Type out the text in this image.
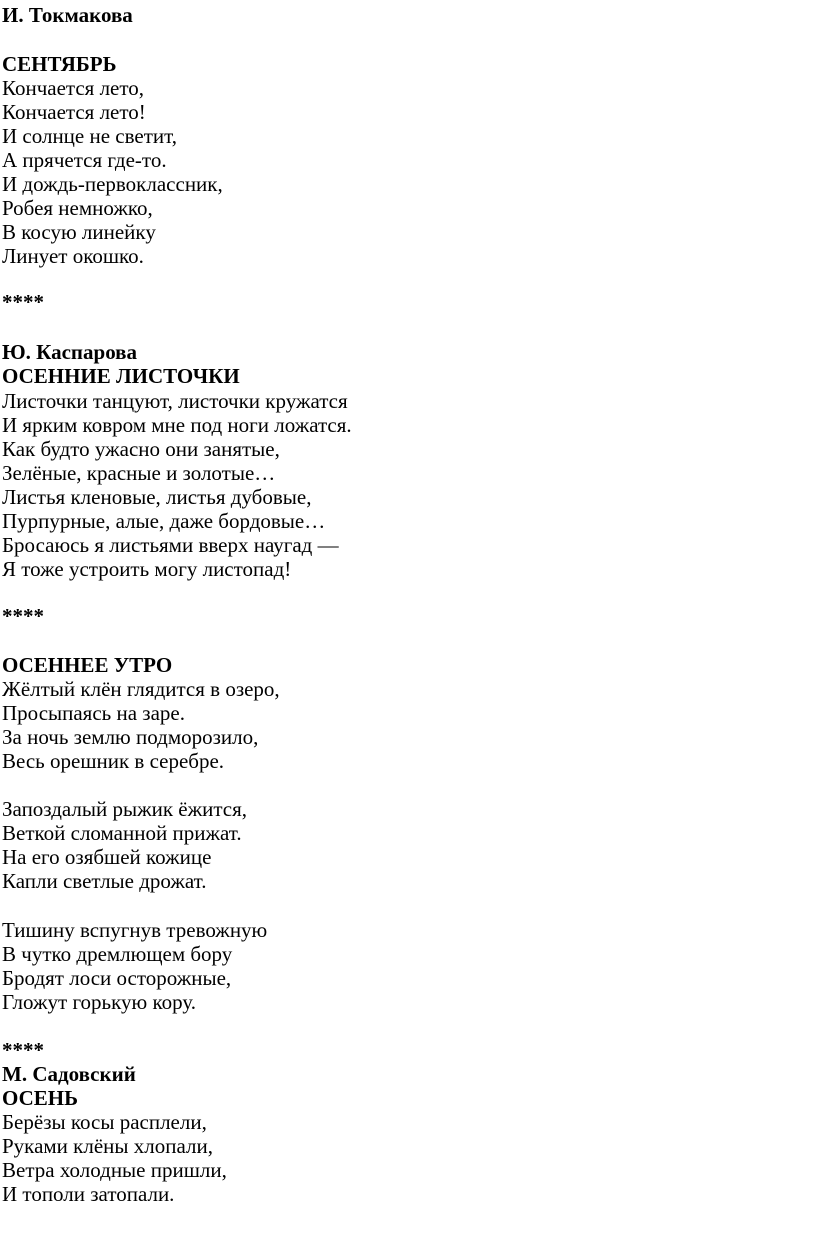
И. Токмакова
СЕНТЯБРЬ
Кончается лето,
Кончается лето!
И солнце не светит,
А прячется где-то.
И дождь-первоклассник,
Робея немножко,
В косую линейку
Линует окошко.
****
Ю. Каспарова
ОСЕННИЕ ЛИСТОЧКИ
Листочки танцуют, листочки кружатся
И ярким ковром мне под ноги ложатся.
Как будто ужасно они занятые,
Зелёные, красные и золотые…
Листья кленовые, листья дубовые,
Пурпурные, алые, даже бордовые…
Бросаюсь я листьями вверх наугад —
Я тоже устроить могу листопад!
****
ОСЕННЕЕ УТРО
Жёлтый клён глядится в озеро,
Просыпаясь на заре.
За ночь землю подморозило,
Весь орешник в серебре.
Запоздалый рыжик ёжится,
Веткой сломанной прижат.
На его озябшей кожице
Капли светлые дрожат.
Тишину вспугнув тревожную
В чутко дремлющем бору
Бродят лоси осторожные,
Гложут горькую кору.
****
М. Садовский
ОСЕНЬ
Берёзы косы расплели,
Руками клёны хлопали,
Ветра холодные пришли,
И тополи затопали.
